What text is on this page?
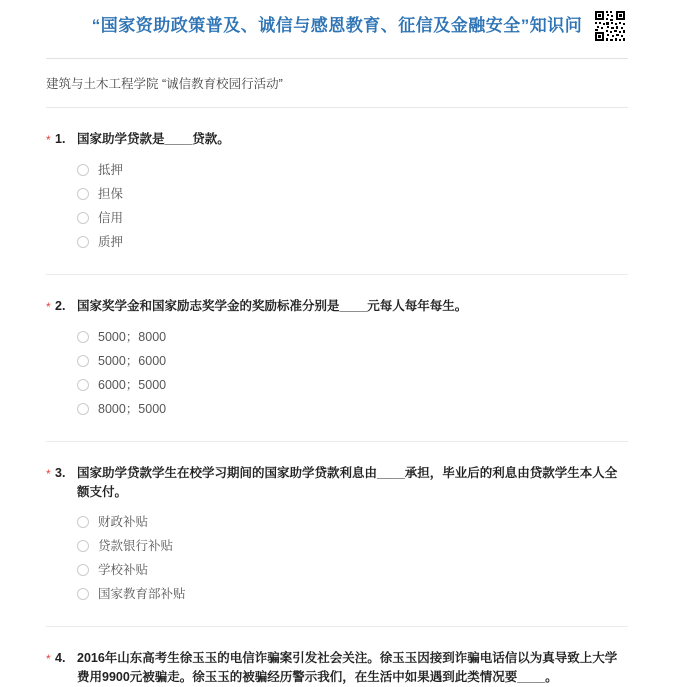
“国家资助政策普及、诚信与感恩教育、征信及金融安全”知识问
建筑与土木工程学院 “诚信教育校园行活动”
* 1. 国家助学贷款是____贷款。
抵押
担保
信用
质押
* 2. 国家奖学金和国家励志奖学金的奖励标准分别是____元每人每年每生。
5000；8000
5000；6000
6000；5000
8000；5000
* 3. 国家助学贷款学生在校学习期间的国家助学贷款利息由____承担，毕业后的利息由贷款学生本人全额支付。
财政补贴
贷款银行补贴
学校补贴
国家教育部补贴
* 4. 2016年山东高考生徐玉玉的电信诈骗案引发社会关注。徐玉玉因接到诈骗电话信以为真导致上大学费用9900元被骗走。徐玉玉的被骗经历警示我们，在生活中如果遇到此类情况要____。
